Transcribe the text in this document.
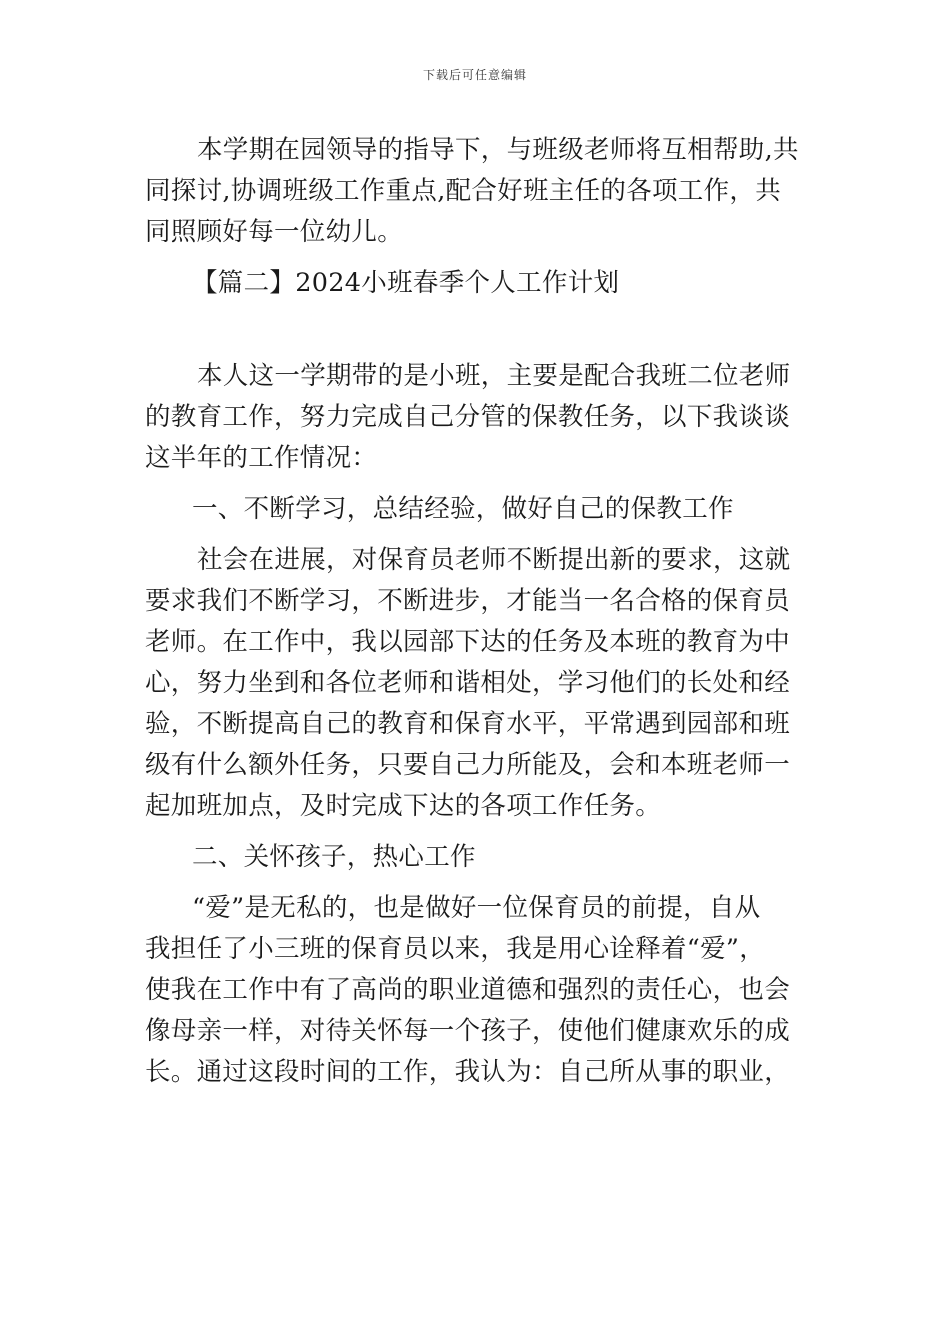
下载后可任意编辑
本学期在园领导的指导下，与班级老师将互相帮助,共
同探讨,协调班级工作重点,配合好班主任的各项工作，共
同照顾好每一位幼儿。
【篇二】2024小班春季个人工作计划
本人这一学期带的是小班，主要是配合我班二位老师
的教育工作，努力完成自己分管的保教任务，以下我谈谈
这半年的工作情况：
一、不断学习，总结经验，做好自己的保教工作
社会在进展，对保育员老师不断提出新的要求，这就
要求我们不断学习，不断进步，才能当一名合格的保育员
老师。在工作中，我以园部下达的任务及本班的教育为中
心，努力坐到和各位老师和谐相处，学习他们的长处和经
验，不断提高自己的教育和保育水平，平常遇到园部和班
级有什么额外任务，只要自己力所能及，会和本班老师一
起加班加点，及时完成下达的各项工作任务。
二、关怀孩子，热心工作
“爱”是无私的，也是做好一位保育员的前提，自从
我担任了小三班的保育员以来，我是用心诠释着“爱”，
使我在工作中有了高尚的职业道德和强烈的责任心，也会
像母亲一样，对待关怀每一个孩子，使他们健康欢乐的成
长。通过这段时间的工作，我认为：自己所从事的职业，
